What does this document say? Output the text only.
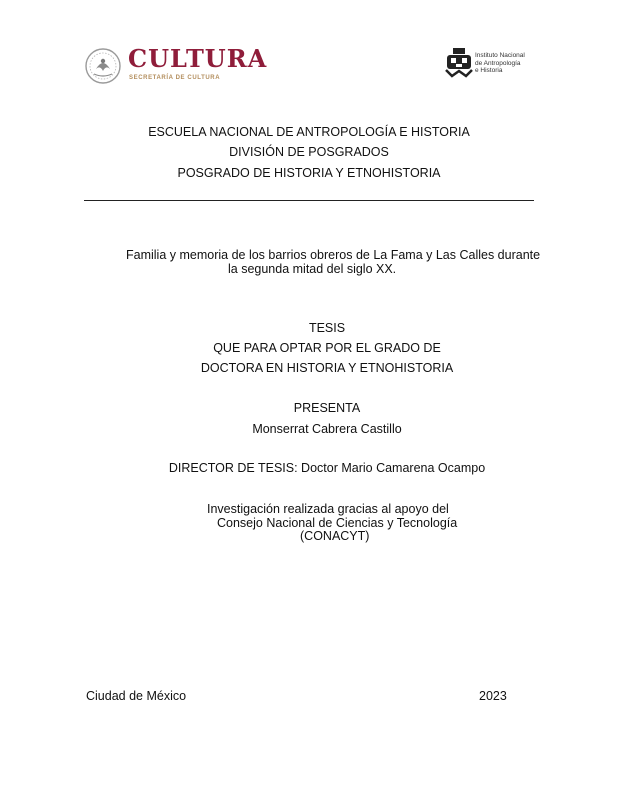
CULTURA
SECRETARÍA DE CULTURA
Instituto Nacional
de Antropología
e Historia
ESCUELA NACIONAL DE ANTROPOLOGÍA E HISTORIA
DIVISIÓN DE POSGRADOS
POSGRADO DE HISTORIA Y ETNOHISTORIA
Familia y memoria de los barrios obreros de La Fama y Las Calles durante
la segunda mitad del siglo XX.
TESIS
QUE PARA OPTAR POR EL GRADO DE
DOCTORA EN HISTORIA Y ETNOHISTORIA
PRESENTA
Monserrat Cabrera Castillo
DIRECTOR DE TESIS: Doctor Mario Camarena Ocampo
Investigación realizada gracias al apoyo del
Consejo Nacional de Ciencias y Tecnología
(CONACYT)
Ciudad de México	2023
